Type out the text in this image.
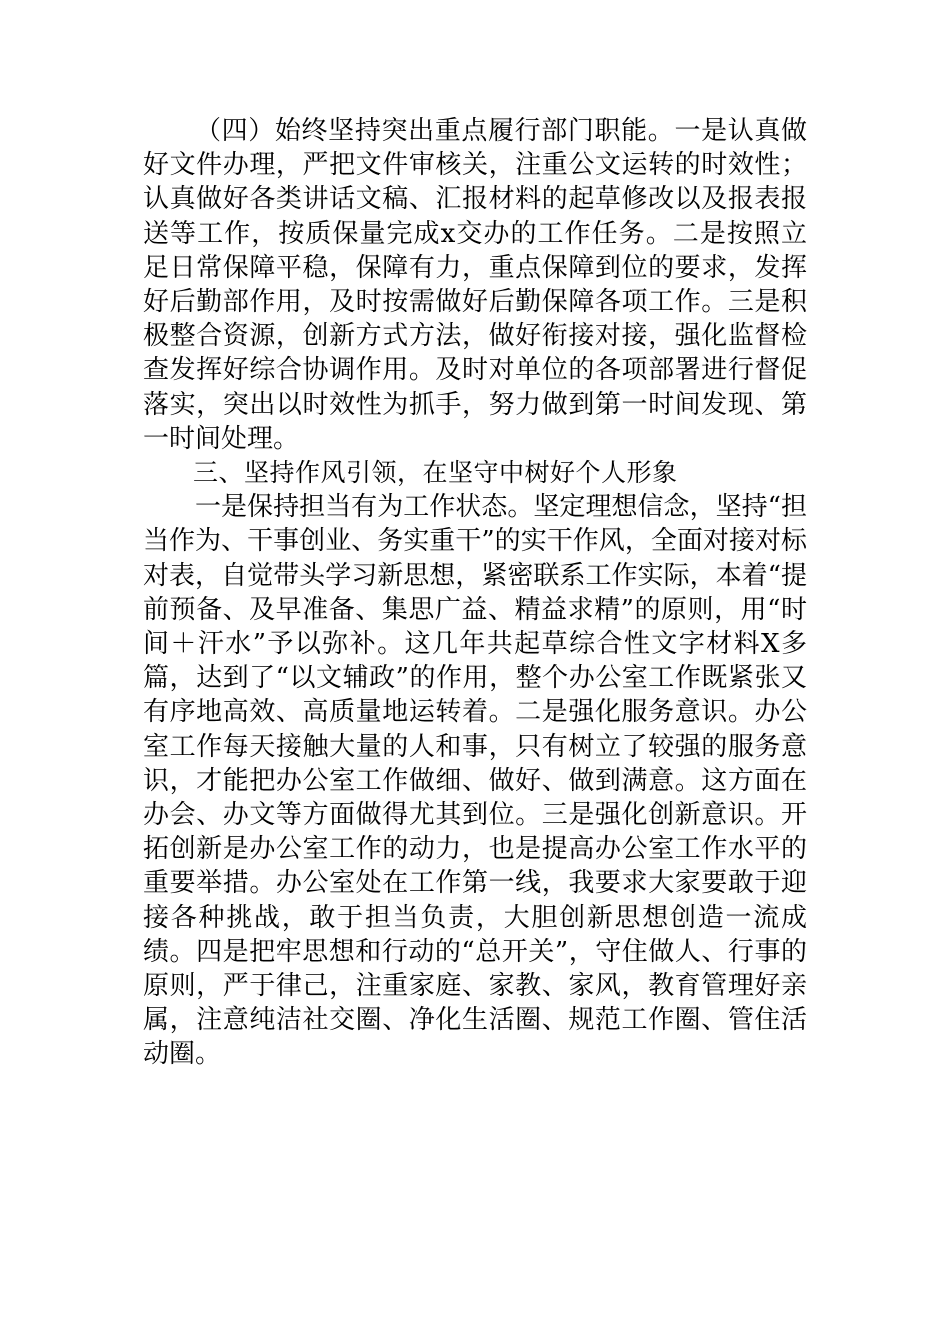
（四）始终坚持突出重点履行部门职能。一是认真做好文件办理，严把文件审核关，注重公文运转的时效性；认真做好各类讲话文稿、汇报材料的起草修改以及报表报送等工作，按质保量完成x交办的工作任务。二是按照立足日常保障平稳，保障有力，重点保障到位的要求，发挥好后勤部作用，及时按需做好后勤保障各项工作。三是积极整合资源，创新方式方法，做好衔接对接，强化监督检查发挥好综合协调作用。及时对单位的各项部署进行督促落实，突出以时效性为抓手，努力做到第一时间发现、第一时间处理。

三、坚持作风引领，在坚守中树好个人形象

一是保持担当有为工作状态。坚定理想信念，坚持“担当作为、干事创业、务实重干”的实干作风，全面对接对标对表，自觉带头学习新思想，紧密联系工作实际，本着“提前预备、及早准备、集思广益、精益求精”的原则，用“时间＋汗水”予以弥补。这几年共起草综合性文字材料X多篇，达到了“以文辅政”的作用，整个办公室工作既紧张又有序地高效、高质量地运转着。二是强化服务意识。办公室工作每天接触大量的人和事，只有树立了较强的服务意识，才能把办公室工作做细、做好、做到满意。这方面在办会、办文等方面做得尤其到位。三是强化创新意识。开拓创新是办公室工作的动力，也是提高办公室工作水平的重要举措。办公室处在工作第一线，我要求大家要敢于迎接各种挑战，敢于担当负责，大胆创新思想创造一流成绩。四是把牢思想和行动的“总开关”，守住做人、行事的原则，严于律己，注重家庭、家教、家风，教育管理好亲属，注意纯洁社交圈、净化生活圈、规范工作圈、管住活动圈。
